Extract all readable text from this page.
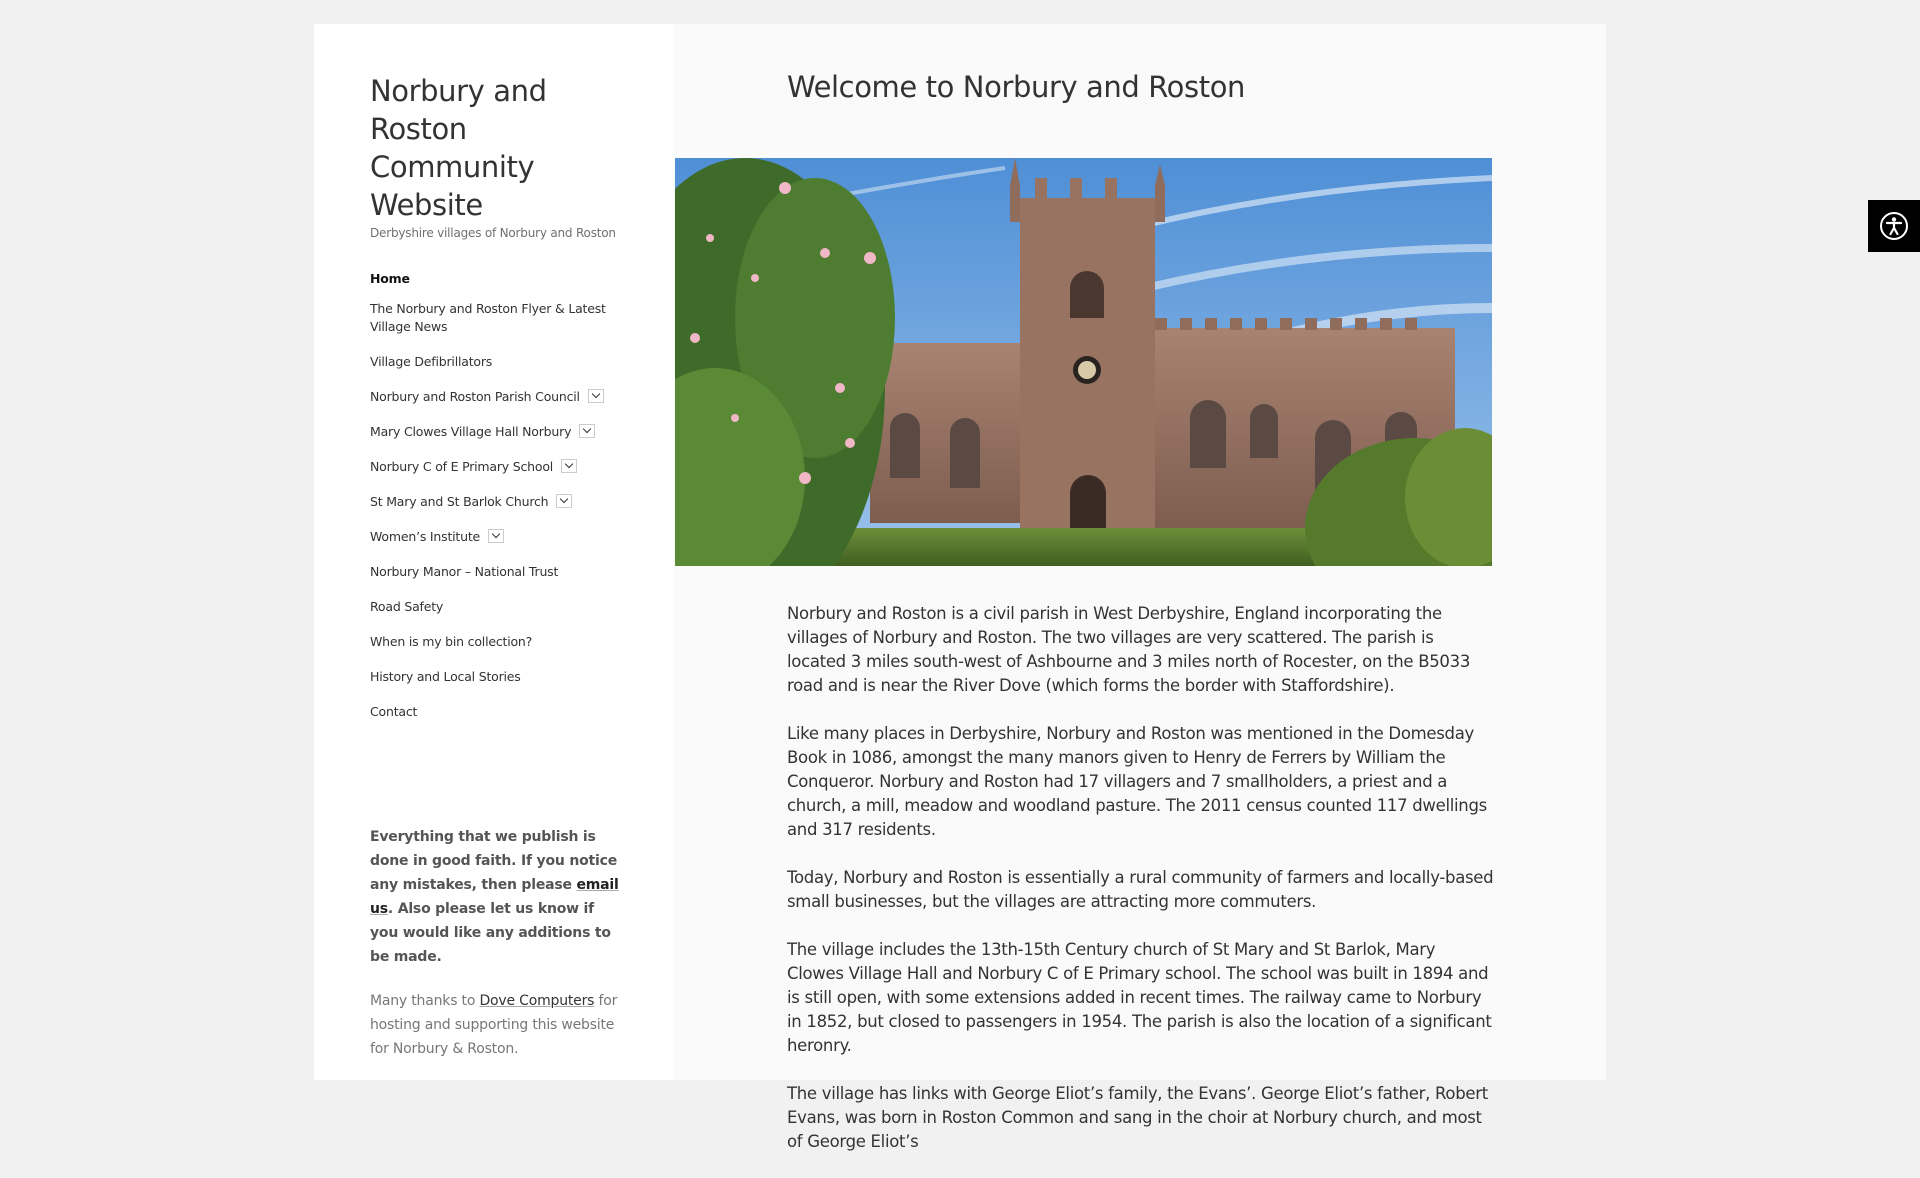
Norbury and Roston Community Website
Derbyshire villages of Norbury and Roston
Home
The Norbury and Roston Flyer & Latest Village News
Village Defibrillators
Norbury and Roston Parish Council
Mary Clowes Village Hall Norbury
Norbury C of E Primary School
St Mary and St Barlok Church
Women’s Institute
Norbury Manor – National Trust
Road Safety
When is my bin collection?
History and Local Stories
Contact
Everything that we publish is done in good faith. If you notice any mistakes, then please email us. Also please let us know if you would like any additions to be made.
Many thanks to Dove Computers for hosting and supporting this website for Norbury & Roston.
Welcome to Norbury and Roston

Norbury and Roston is a civil parish in West Derbyshire, England incorporating the villages of Norbury and Roston. The two villages are very scattered. The parish is located 3 miles south-west of Ashbourne and 3 miles north of Rocester, on the B5033 road and is near the River Dove (which forms the border with Staffordshire).

Like many places in Derbyshire, Norbury and Roston was mentioned in the Domesday Book in 1086, amongst the many manors given to Henry de Ferrers by William the Conqueror. Norbury and Roston had 17 villagers and 7 smallholders, a priest and a church, a mill, meadow and woodland pasture. The 2011 census counted 117 dwellings and 317 residents.

Today, Norbury and Roston is essentially a rural community of farmers and locally-based small businesses, but the villages are attracting more commuters.

The village includes the 13th-15th Century church of St Mary and St Barlok, Mary Clowes Village Hall and Norbury C of E Primary school. The school was built in 1894 and is still open, with some extensions added in recent times. The railway came to Norbury in 1852, but closed to passengers in 1954. The parish is also the location of a significant heronry.

The village has links with George Eliot’s family, the Evans’. George Eliot’s father, Robert Evans, was born in Roston Common and sang in the choir at Norbury church, and most of George Eliot’s
